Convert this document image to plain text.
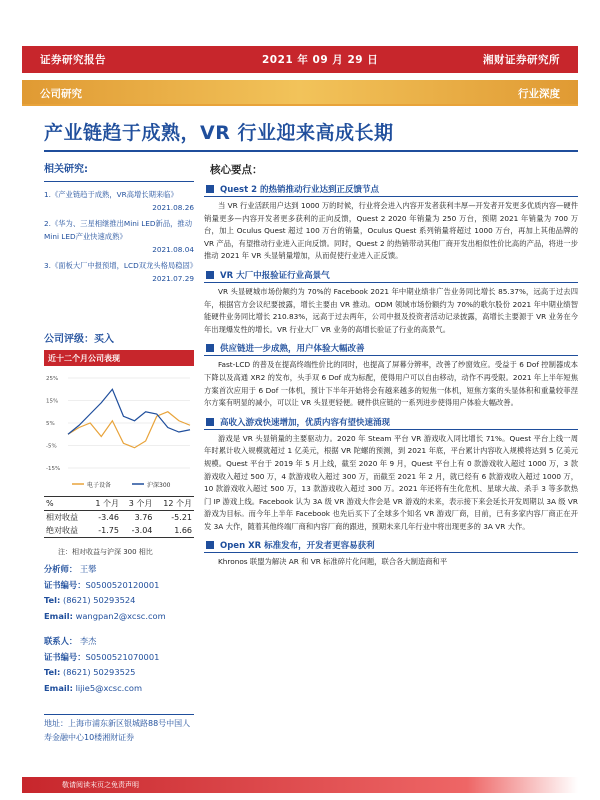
证券研究报告	2021 年 09 月 29 日	湘财证券研究所
公司研究	行业深度
产业链趋于成熟，VR 行业迎来高成长期
相关研究:
1.《产业链趋于成熟，VR高增长期来临》
2021.08.26
2.《华为、三星相继推出Mini LED新品，推动Mini LED产业快速成熟》
2021.08.04
3.《面板大厂中报预增，LCD双龙头格局稳固》
2021.07.29
公司评级：买入
近十二个月公司表现
25%
15%
5%
-5%
-15%
电子设备	沪深300
%	1 个月	3 个月	12 个月
相对收益	-3.46	3.76	-5.21
绝对收益	-1.75	-3.04	1.66
注：相对收益与沪深 300 相比
分析师： 王攀
证书编号：S0500520120001
Tel: (8621) 50293524
Email: wangpan2@xcsc.com
联系人： 李杰
证书编号：S0500521070001
Tel: (8621) 50293525
Email: lijie5@xcsc.com
地址：上海市浦东新区银城路88号中国人寿金融中心10楼湘财证券
核心要点：
Quest 2 的热销推动行业达到正反馈节点

当 VR 行业活跃用户达到 1000 万的时候，行业将会进入内容开发者获利丰厚—开发者开发更多优质内容—硬件销量更多—内容开发者更多获利的正向反馈，Quest 2 2020 年销量为 250 万台，预期 2021 年销量为 700 万台，加上 Oculus Quest 超过 100 万台的销量，Oculus Quest 系列销量将超过 1000 万台，再加上其他品牌的 VR 产品，有望推动行业进入正向反馈。同时，Quest 2 的热销带动其他厂商开发出相似性价比高的产品，将进一步推动 2021 年 VR 头显销量增加，从而促使行业进入正反馈。

VR 大厂中报验证行业高景气

VR 头显硬城市场份额约为 70%的 Facebook 2021 年中期业绩非广告业务同比增长 85.37%，远高于过去四年，根据官方会议纪要披露，增长主要由 VR 推动。ODM 领域市场份额约为 70%的歌尔股份 2021 年中期业绩智能硬件业务同比增长 210.83%，远高于过去两年，公司中报及投资者活动记录披露，高增长主要源于 VR 业务在今年出现爆发性的增长。VR 行业大厂 VR 业务的高增长验证了行业的高景气。

供应链进一步成熟，用户体验大幅改善

Fast-LCD 的普及在提高终端性价比的同时，也提高了屏幕分辨率，改善了纱窗效应。受益于 6 Dof 控制器成本下降以及高通 XR2 的发布，头手双 6 Dof 成为标配，使得用户可以自由移动，动作不再受限。2021 年上半年短焦方案首次应用于 6 Dof 一体机，预计下半年开始将会有越来越多的短焦一体机，短焦方案的头显体积和重量较菲涅尔方案有明显的减小，可以让 VR 头显更轻便。硬件供应链的一系列进步使得用户体验大幅改善。

高收入游戏快速增加，优质内容有望快速涌现

游戏是 VR 头显销量的主要驱动力。2020 年 Steam 平台 VR 游戏收入同比增长 71%。Quest 平台上线一周年时累计收入规模就超过 1 亿美元，根据 VR 陀螺的预测，到 2021 年底，平台累计内容收入规模将达到 5 亿美元规模。Quest 平台于 2019 年 5 月上线，截至 2020 年 9 月，Quest 平台上有 0 款游戏收入超过 1000 万，3 款游戏收入超过 500 万，4 款游戏收入超过 300 万，而截至 2021 年 2 月，就已经有 6 款游戏收入超过 1000 万，10 款游戏收入超过 500 万，13 款游戏收入超过 300 万。2021 年还将有生化危机、星球大战、杀手 3 等多款热门 IP 游戏上线。Facebook 认为 3A 级 VR 游戏大作会是 VR 游戏的未来，表示接下来会延长开发周期以 3A 级 VR 游戏为目标。而今年上半年 Facebook 也先后买下了全球多个知名 VR 游戏厂商，目前，已有多家内容厂商正在开发 3A 大作，随着其他终端厂商和内容厂商的跟进，预期未来几年行业中将出现更多的 3A VR 大作。

Open XR 标准发布，开发者更容易获利

Khronos 联盟为解决 AR 和 VR 标准碎片化问题，联合各大制造商和平

敬请阅读末页之免责声明
